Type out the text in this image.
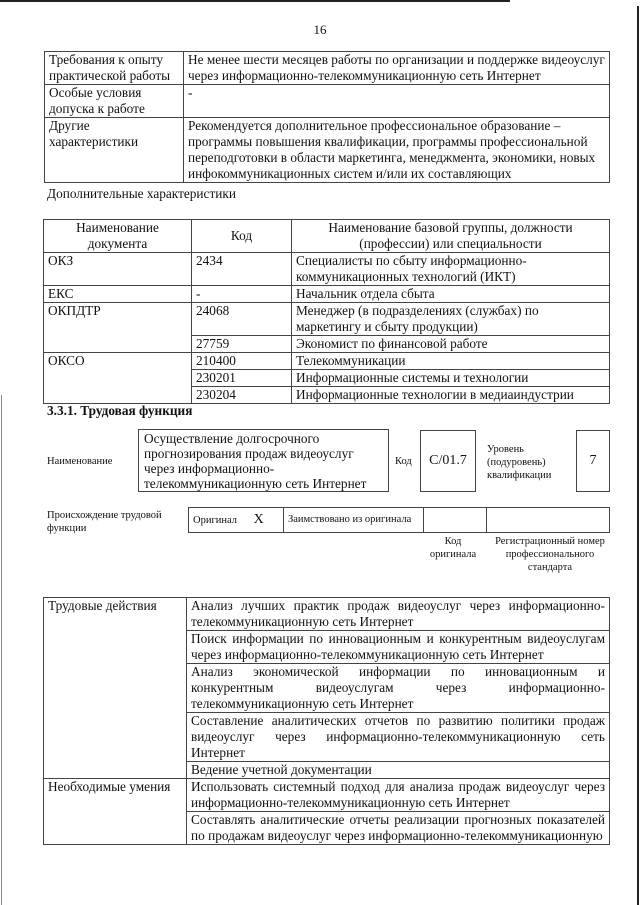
16
Требования к опыту практической работы	Не менее шести месяцев работы по организации и поддержке видеоуслуг через информационно-телекоммуникационную сеть Интернет
Особые условия допуска к работе	-
Другие характеристики	Рекомендуется дополнительное профессиональное образование – программы повышения квалификации, программы профессиональной переподготовки в области маркетинга, менеджмента, экономики, новых инфокоммуникационных систем и/или их составляющих
Дополнительные характеристики
Наименование документа	Код	Наименование базовой группы, должности (профессии) или специальности
ОКЗ	2434	Специалисты по сбыту информационно-коммуникационных технологий (ИКТ)
ЕКС	-	Начальник отдела сбыта
ОКПДТР	24068	Менеджер (в подразделениях (службах) по маркетингу и сбыту продукции)
	27759	Экономист по финансовой работе
ОКСО	210400	Телекоммуникации
	230201	Информационные системы и технологии
	230204	Информационные технологии в медиаиндустрии
3.3.1. Трудовая функция
Наименование
Осуществление долгосрочного прогнозирования продаж видеоуслуг через информационно-телекоммуникационную сеть Интернет
Код	C/01.7
Уровень (подуровень) квалификации
7
Происхождение трудовой функции
Оригинал X	Заимствовано из оригинала		
Код оригинала
Регистрационный номер профессионального стандарта
Трудовые действия	Анализ лучших практик продаж видеоуслуг через информационно-телекоммуникационную сеть Интернет
	Поиск информации по инновационным и конкурентным видеоуслугам через информационно-телекоммуникационную сеть Интернет
	Анализ экономической информации по инновационным и конкурентным видеоуслугам через информационно-телекоммуникационную сеть Интернет
	Составление аналитических отчетов по развитию политики продаж видеоуслуг через информационно-телекоммуникационную сеть Интернет
	Ведение учетной документации
Необходимые умения	Использовать системный подход для анализа продаж видеоуслуг через информационно-телекоммуникационную сеть Интернет
	Составлять аналитические отчеты реализации прогнозных показателей по продажам видеоуслуг через информационно-телекоммуникационную
